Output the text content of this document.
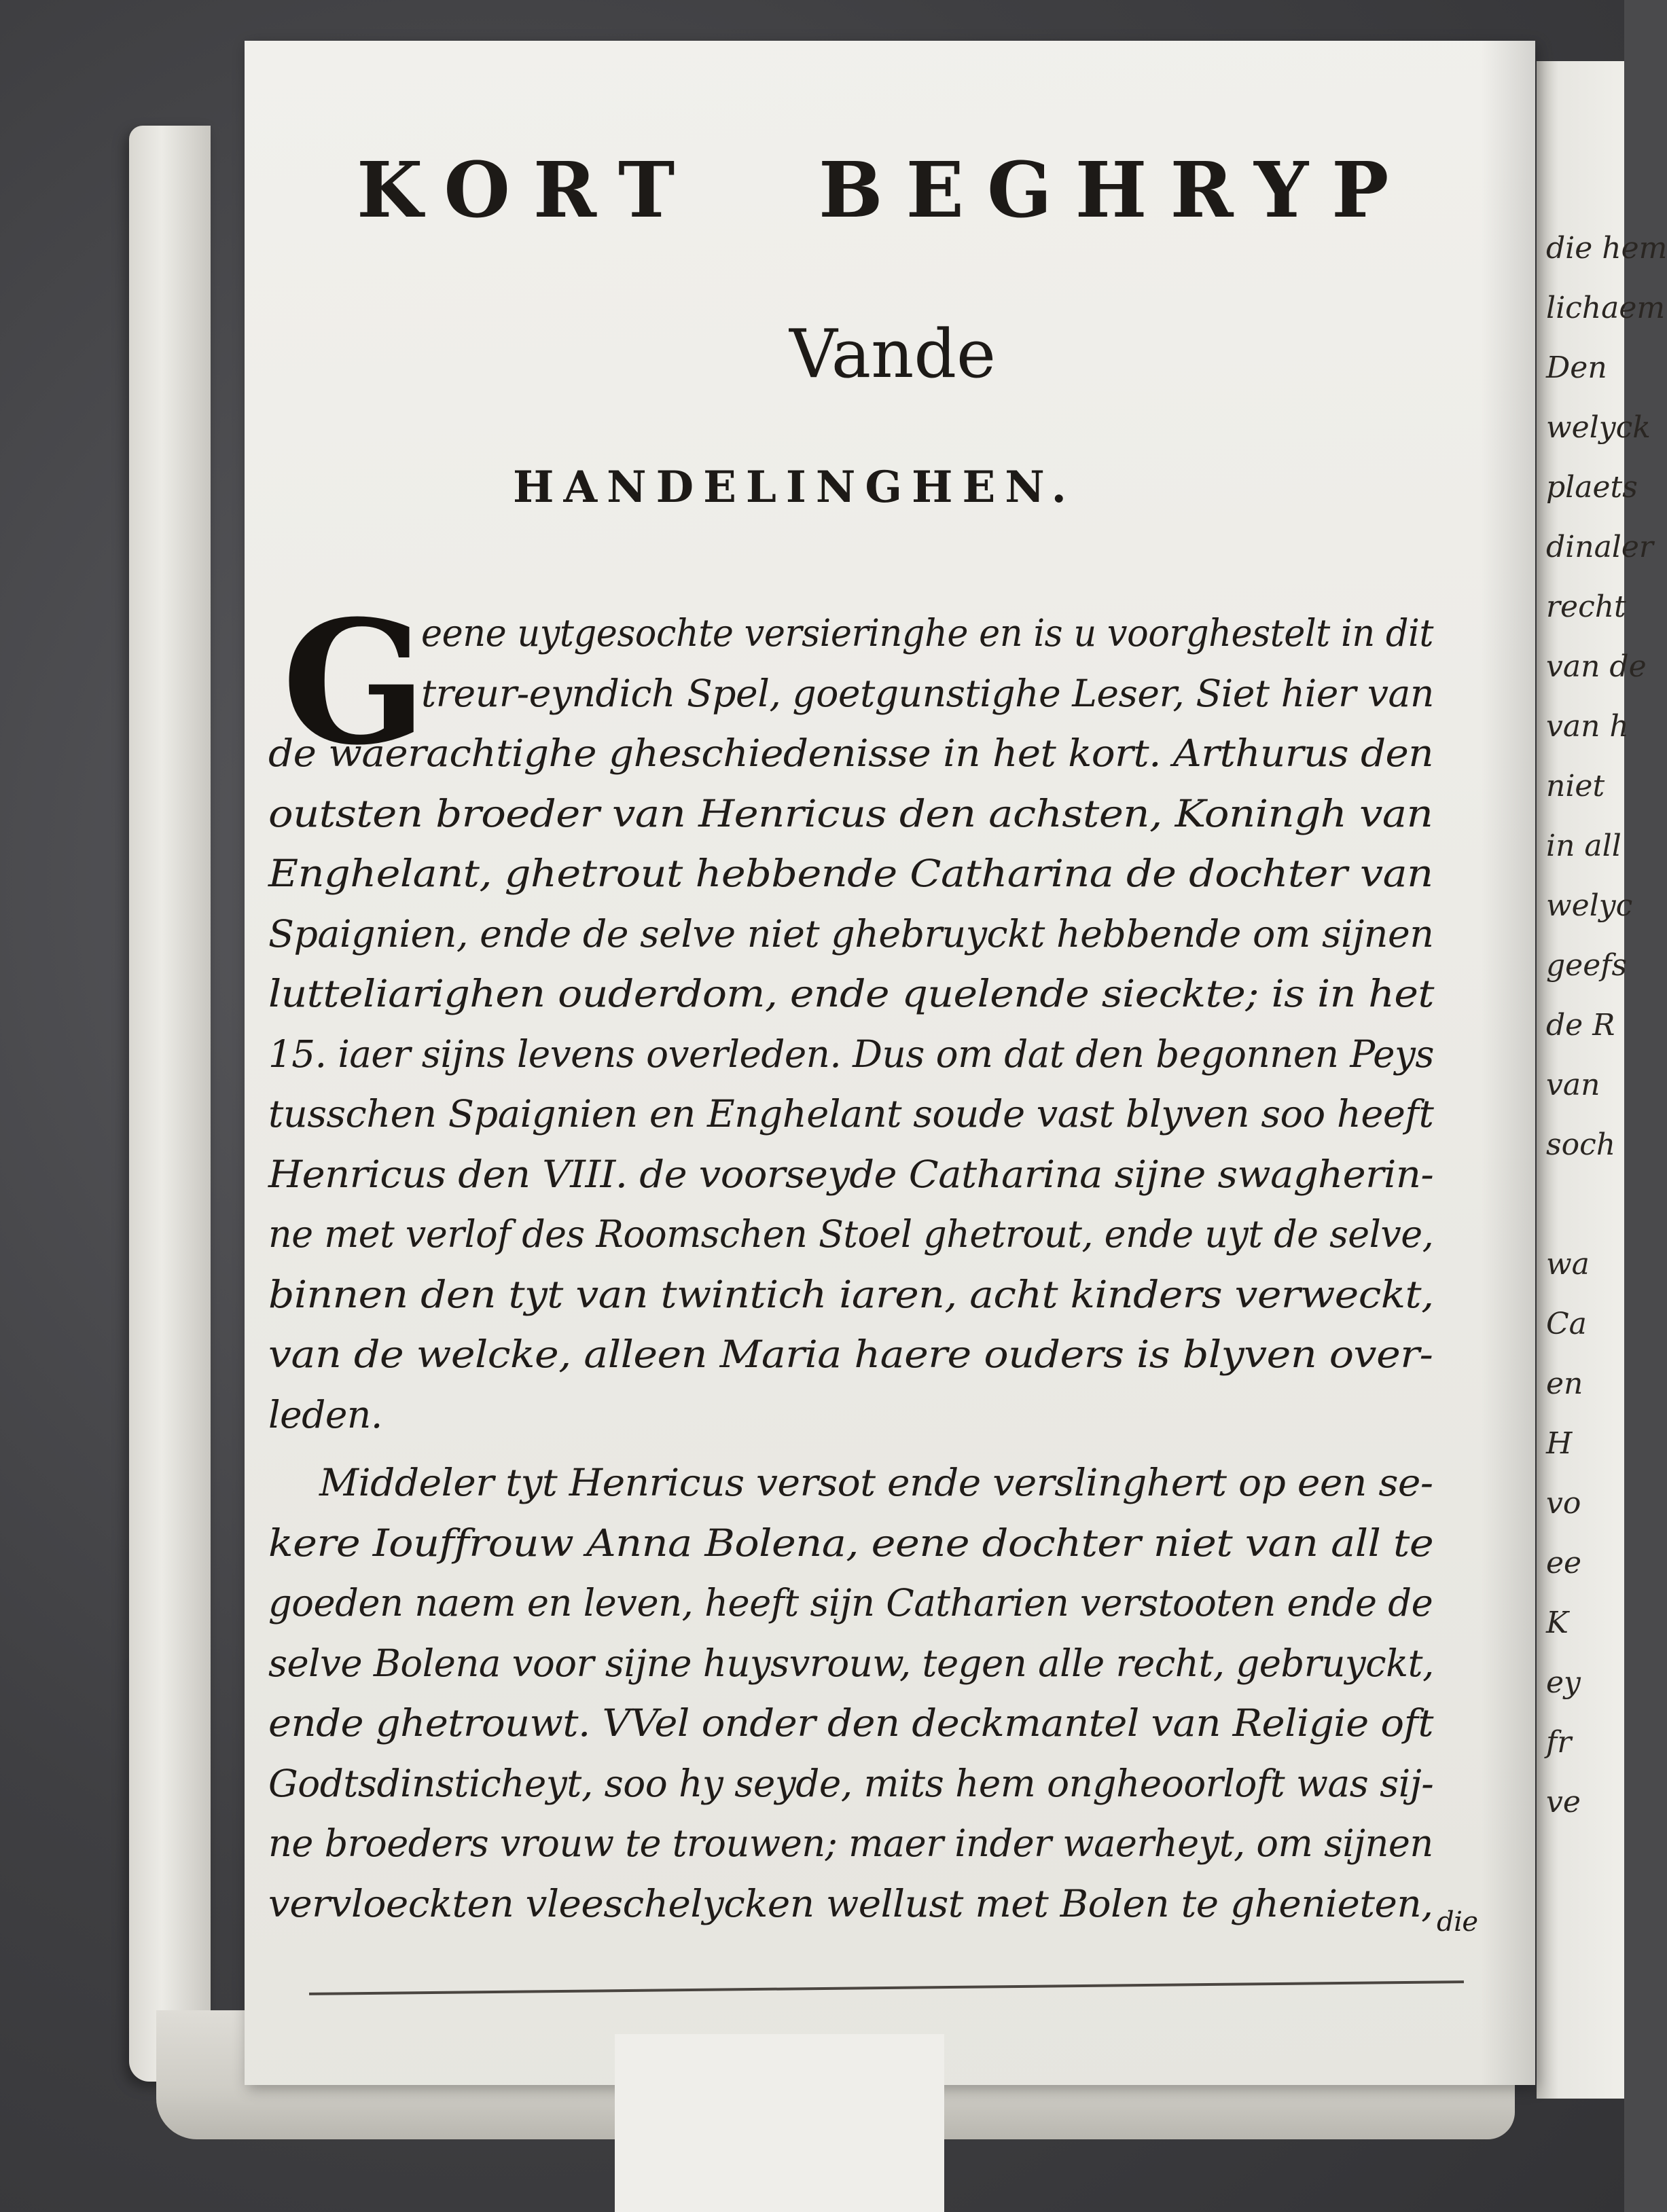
die hem
lichaem
Den
welyck
plaets
dinaler
recht
van de
van h
niet
in all
welyc
geefs
de R
van
soch
wa
Ca
en
H
vo
ee
K
ey
fr
ve
KORT BEGHRYP
Vande
HANDELINGHEN.
G
eene uytgesochte versieringhe en is u voorghestelt in dit
treur-eyndich Spel, goetgunstighe Leser, Siet hier van
de waerachtighe gheschiedenisse in het kort. Arthurus den
outsten broeder van Henricus den achsten, Koningh van
Enghelant, ghetrout hebbende Catharina de dochter van
Spaignien, ende de selve niet ghebruyckt hebbende om sijnen
lutteliarighen ouderdom, ende quelende sieckte; is in het
15. iaer sijns levens overleden. Dus om dat den begonnen Peys
tusschen Spaignien en Enghelant soude vast blyven soo heeft
Henricus den VIII. de voorseyde Catharina sijne swagherin-
ne met verlof des Roomschen Stoel ghetrout, ende uyt de selve,
binnen den tyt van twintich iaren, acht kinders verweckt,
van de welcke, alleen Maria haere ouders is blyven over-
leden.
Middeler tyt Henricus versot ende verslinghert op een se-
kere Iouffrouw Anna Bolena, eene dochter niet van all te
goeden naem en leven, heeft sijn Catharien verstooten ende de
selve Bolena voor sijne huysvrouw, tegen alle recht, gebruyckt,
ende ghetrouwt. VVel onder den deckmantel van Religie oft
Godtsdinsticheyt, soo hy seyde, mits hem ongheoorloft was sij-
ne broeders vrouw te trouwen; maer inder waerheyt, om sijnen
vervloeckten vleeschelycken wellust met Bolen te ghenieten, die
